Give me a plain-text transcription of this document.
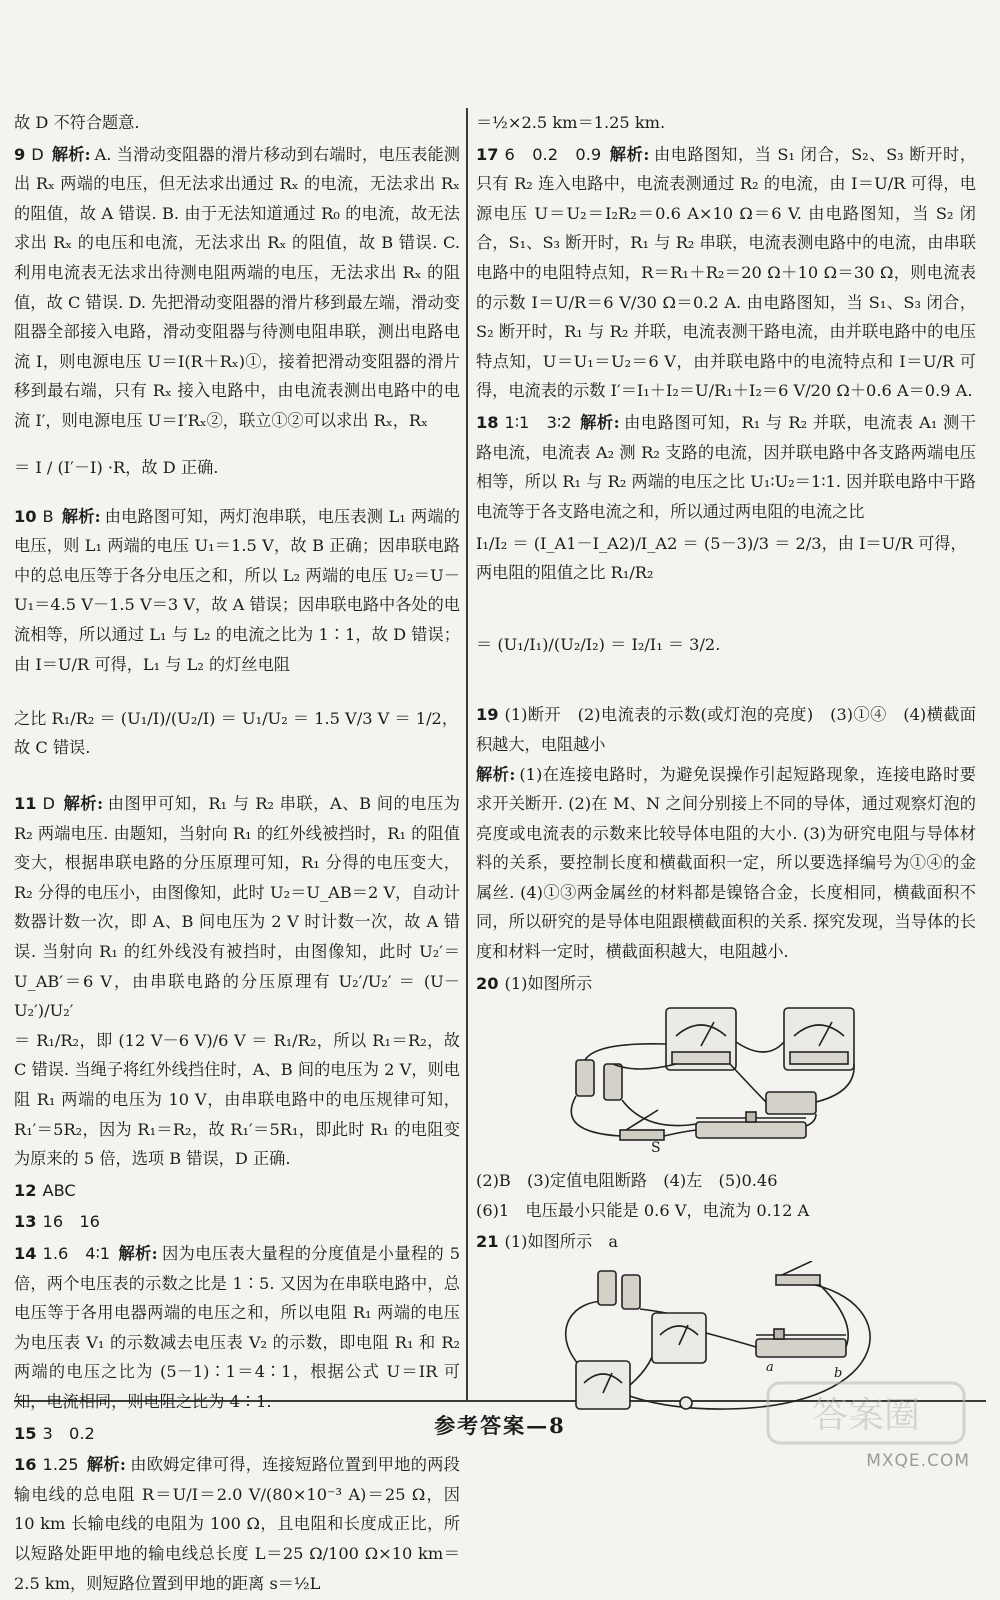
故 D 不符合题意.

9 D 解析: A. 当滑动变阻器的滑片移动到右端时，电压表能测出 Rₓ 两端的电压，但无法求出通过 Rₓ 的电流，无法求出 Rₓ 的阻值，故 A 错误. B. 由于无法知道通过 R₀ 的电流，故无法求出 Rₓ 的电压和电流，无法求出 Rₓ 的阻值，故 B 错误. C. 利用电流表无法求出待测电阻两端的电压，无法求出 Rₓ 的阻值，故 C 错误. D. 先把滑动变阻器的滑片移到最左端，滑动变阻器全部接入电路，滑动变阻器与待测电阻串联，测出电路电流 I，则电源电压 U＝I(R＋Rₓ)①，接着把滑动变阻器的滑片移到最右端，只有 Rₓ 接入电路中，由电流表测出电路中的电流 I′，则电源电压 U＝I′Rₓ②，联立①②可以求出 Rₓ，Rₓ

＝ I / (I′－I) ·R，故 D 正确.

10 B 解析: 由电路图可知，两灯泡串联，电压表测 L₁ 两端的电压，则 L₁ 两端的电压 U₁＝1.5 V，故 B 正确；因串联电路中的总电压等于各分电压之和，所以 L₂ 两端的电压 U₂＝U－U₁＝4.5 V－1.5 V＝3 V，故 A 错误；因串联电路中各处的电流相等，所以通过 L₁ 与 L₂ 的电流之比为 1∶1，故 D 错误；由 I＝U/R 可得，L₁ 与 L₂ 的灯丝电阻

之比 R₁/R₂ ＝ (U₁/I)/(U₂/I) ＝ U₁/U₂ ＝ 1.5 V/3 V ＝ 1/2，故 C 错误.

11 D 解析: 由图甲可知，R₁ 与 R₂ 串联，A、B 间的电压为 R₂ 两端电压. 由题知，当射向 R₁ 的红外线被挡时，R₁ 的阻值变大，根据串联电路的分压原理可知，R₁ 分得的电压变大，R₂ 分得的电压小，由图像知，此时 U₂＝U_AB＝2 V，自动计数器计数一次，即 A、B 间电压为 2 V 时计数一次，故 A 错误. 当射向 R₁ 的红外线没有被挡时，由图像知，此时 U₂′＝U_AB′＝6 V，由串联电路的分压原理有 U₂′/U₂′ ＝ (U－U₂′)/U₂′

＝ R₁/R₂，即 (12 V－6 V)/6 V ＝ R₁/R₂，所以 R₁＝R₂，故 C 错误. 当绳子将红外线挡住时，A、B 间的电压为 2 V，则电阻 R₁ 两端的电压为 10 V，由串联电路中的电压规律可知，R₁′＝5R₂，因为 R₁＝R₂，故 R₁′＝5R₁，即此时 R₁ 的电阻变为原来的 5 倍，选项 B 错误，D 正确.

12 ABC

13 16　16

14 1.6　4∶1 解析: 因为电压表大量程的分度值是小量程的 5 倍，两个电压表的示数之比是 1∶5. 又因为在串联电路中，总电压等于各用电器两端的电压之和，所以电阻 R₁ 两端的电压为电压表 V₁ 的示数减去电压表 V₂ 的示数，即电阻 R₁ 和 R₂ 两端的电压之比为 (5－1)∶1＝4∶1，根据公式 U＝IR 可知，电流相同，则电阻之比为 4∶1.

15 3　0.2

16 1.25 解析: 由欧姆定律可得，连接短路位置到甲地的两段输电线的总电阻 R＝U/I＝2.0 V/(80×10⁻³ A)＝25 Ω，因 10 km 长输电线的电阻为 100 Ω，且电阻和长度成正比，所以短路处距甲地的输电线总长度 L＝25 Ω/100 Ω×10 km＝2.5 km，则短路位置到甲地的距离 s＝½L

＝½×2.5 km＝1.25 km.

17 6　0.2　0.9 解析: 由电路图知，当 S₁ 闭合，S₂、S₃ 断开时，只有 R₂ 连入电路中，电流表测通过 R₂ 的电流，由 I＝U/R 可得，电源电压 U＝U₂＝I₂R₂＝0.6 A×10 Ω＝6 V. 由电路图知，当 S₂ 闭合，S₁、S₃ 断开时，R₁ 与 R₂ 串联，电流表测电路中的电流，由串联电路中的电阻特点知，R＝R₁＋R₂＝20 Ω＋10 Ω＝30 Ω，则电流表的示数 I＝U/R＝6 V/30 Ω＝0.2 A. 由电路图知，当 S₁、S₃ 闭合，S₂ 断开时，R₁ 与 R₂ 并联，电流表测干路电流，由并联电路中的电压特点知，U＝U₁＝U₂＝6 V，由并联电路中的电流特点和 I＝U/R 可得，电流表的示数 I′＝I₁＋I₂＝U/R₁＋I₂＝6 V/20 Ω＋0.6 A＝0.9 A.

18 1∶1　3∶2 解析: 由电路图可知，R₁ 与 R₂ 并联，电流表 A₁ 测干路电流，电流表 A₂ 测 R₂ 支路的电流，因并联电路中各支路两端电压相等，所以 R₁ 与 R₂ 两端的电压之比 U₁∶U₂＝1∶1. 因并联电路中干路电流等于各支路电流之和，所以通过两电阻的电流之比

I₁/I₂ ＝ (I_A1－I_A2)/I_A2 ＝ (5－3)/3 ＝ 2/3，由 I＝U/R 可得，两电阻的阻值之比 R₁/R₂
＝ (U₁/I₁)/(U₂/I₂) ＝ I₂/I₁ ＝ 3/2.

19 (1)断开　(2)电流表的示数(或灯泡的亮度)　(3)①④　(4)横截面积越大，电阻越小

解析: (1)在连接电路时，为避免误操作引起短路现象，连接电路时要求开关断开. (2)在 M、N 之间分别接上不同的导体，通过观察灯泡的亮度或电流表的示数来比较导体电阻的大小. (3)为研究电阻与导体材料的关系，要控制长度和横截面积一定，所以要选择编号为①④的金属丝. (4)①③两金属丝的材料都是镍铬合金，长度相同，横截面积不同，所以研究的是导体电阻跟横截面积的关系. 探究发现，当导体的长度和材料一定时，横截面积越大，电阻越小.

20 (1)如图所示

S

(2)B　(3)定值电阻断路　(4)左　(5)0.46

(6)1　电压最小只能是 0.6 V，电流为 0.12 A

21 (1)如图所示　a

a	b
参考答案—8	答案圈
MXQE.COM
